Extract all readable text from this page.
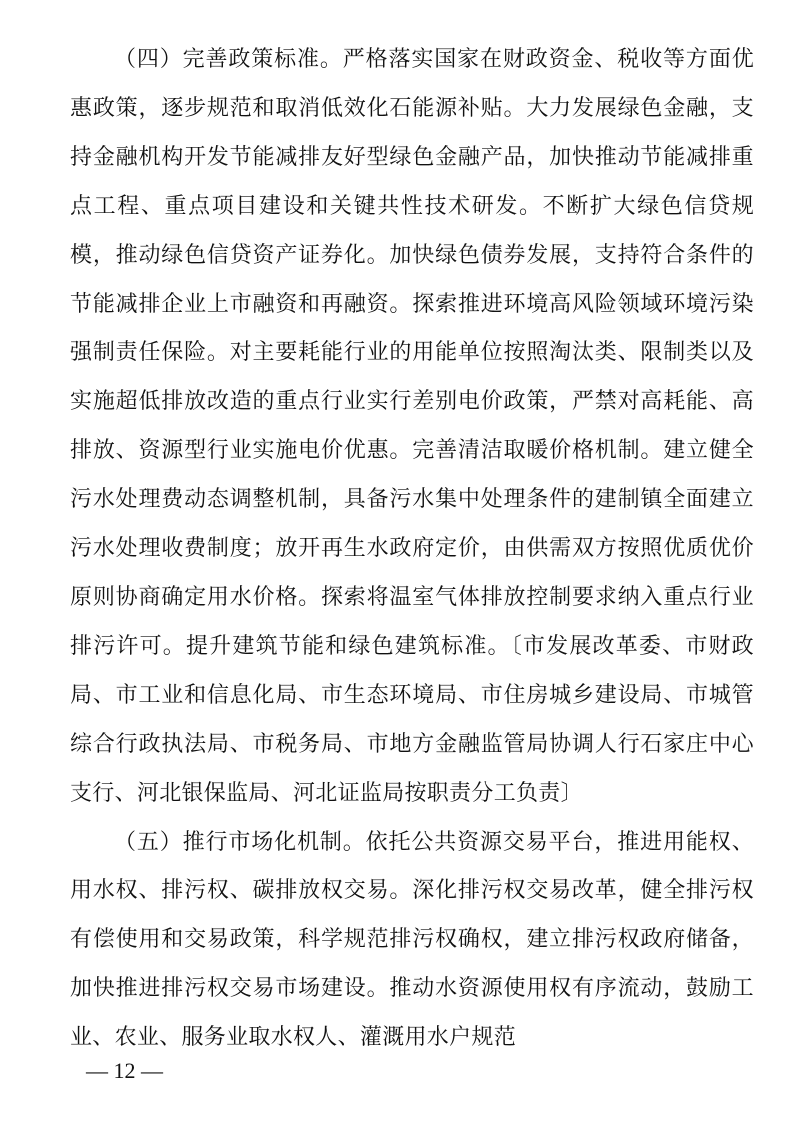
（四）完善政策标准。严格落实国家在财政资金、税收等方面优惠政策，逐步规范和取消低效化石能源补贴。大力发展绿色金融，支持金融机构开发节能减排友好型绿色金融产品，加快推动节能减排重点工程、重点项目建设和关键共性技术研发。不断扩大绿色信贷规模，推动绿色信贷资产证券化。加快绿色债券发展，支持符合条件的节能减排企业上市融资和再融资。探索推进环境高风险领域环境污染强制责任保险。对主要耗能行业的用能单位按照淘汰类、限制类以及实施超低排放改造的重点行业实行差别电价政策，严禁对高耗能、高排放、资源型行业实施电价优惠。完善清洁取暖价格机制。建立健全污水处理费动态调整机制，具备污水集中处理条件的建制镇全面建立污水处理收费制度；放开再生水政府定价，由供需双方按照优质优价原则协商确定用水价格。探索将温室气体排放控制要求纳入重点行业排污许可。提升建筑节能和绿色建筑标准。〔市发展改革委、市财政局、市工业和信息化局、市生态环境局、市住房城乡建设局、市城管综合行政执法局、市税务局、市地方金融监管局协调人行石家庄中心支行、河北银保监局、河北证监局按职责分工负责〕

（五）推行市场化机制。依托公共资源交易平台，推进用能权、用水权、排污权、碳排放权交易。深化排污权交易改革，健全排污权有偿使用和交易政策，科学规范排污权确权，建立排污权政府储备，加快推进排污权交易市场建设。推动水资源使用权有序流动，鼓励工业、农业、服务业取水权人、灌溉用水户规范

— 12 —
